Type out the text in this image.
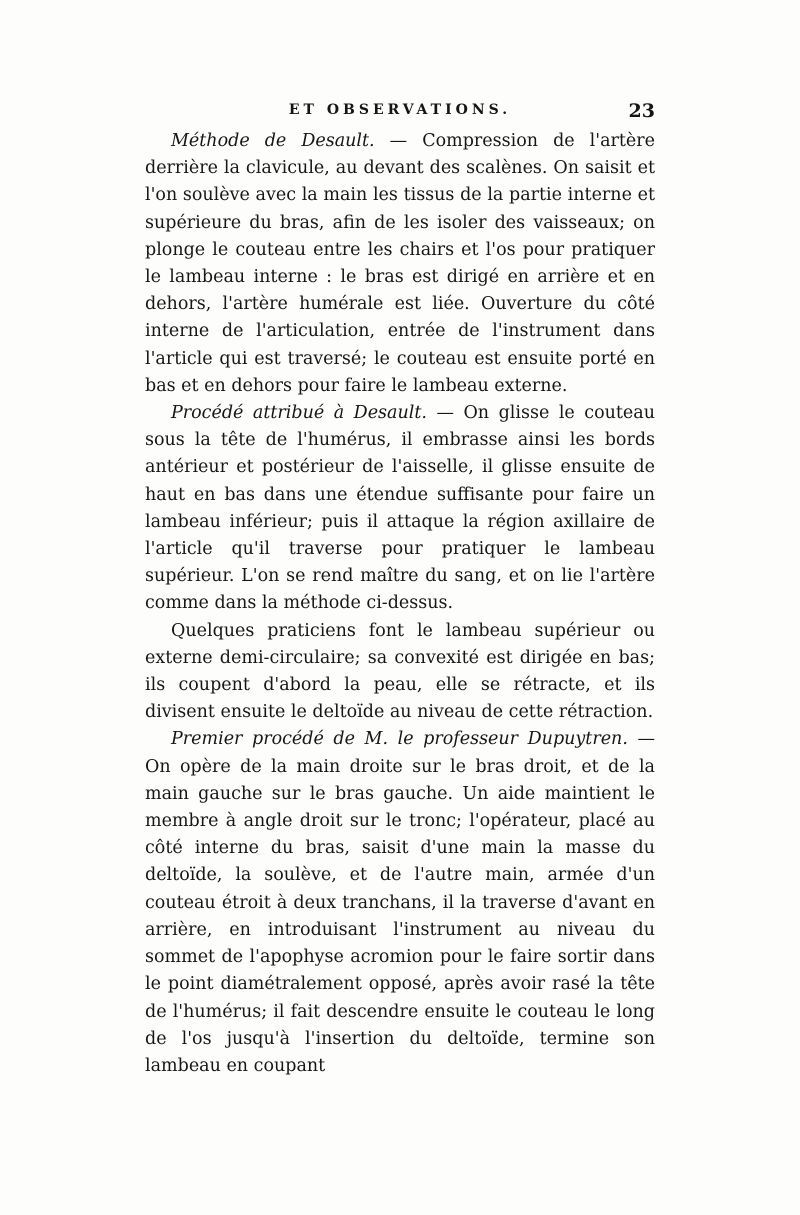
ET OBSERVATIONS.	23

Méthode de Desault. — Compression de l'artère derrière la clavicule, au devant des scalènes. On saisit et l'on soulève avec la main les tissus de la partie interne et supérieure du bras, afin de les isoler des vaisseaux; on plonge le couteau entre les chairs et l'os pour pratiquer le lambeau interne : le bras est dirigé en arrière et en dehors, l'artère humérale est liée. Ouverture du côté interne de l'articulation, entrée de l'instrument dans l'article qui est traversé; le couteau est ensuite porté en bas et en dehors pour faire le lambeau externe.

Procédé attribué à Desault. — On glisse le couteau sous la tête de l'humérus, il embrasse ainsi les bords antérieur et postérieur de l'aisselle, il glisse ensuite de haut en bas dans une étendue suffisante pour faire un lambeau inférieur; puis il attaque la région axillaire de l'article qu'il traverse pour pratiquer le lambeau supérieur. L'on se rend maître du sang, et on lie l'artère comme dans la méthode ci-dessus.

Quelques praticiens font le lambeau supérieur ou externe demi-circulaire; sa convexité est dirigée en bas; ils coupent d'abord la peau, elle se rétracte, et ils divisent ensuite le deltoïde au niveau de cette rétraction.

Premier procédé de M. le professeur Dupuytren. — On opère de la main droite sur le bras droit, et de la main gauche sur le bras gauche. Un aide maintient le membre à angle droit sur le tronc; l'opérateur, placé au côté interne du bras, saisit d'une main la masse du deltoïde, la soulève, et de l'autre main, armée d'un couteau étroit à deux tranchans, il la traverse d'avant en arrière, en introduisant l'instrument au niveau du sommet de l'apophyse acromion pour le faire sortir dans le point diamétralement opposé, après avoir rasé la tête de l'humérus; il fait descendre ensuite le couteau le long de l'os jusqu'à l'insertion du deltoïde, termine son lambeau en coupant
